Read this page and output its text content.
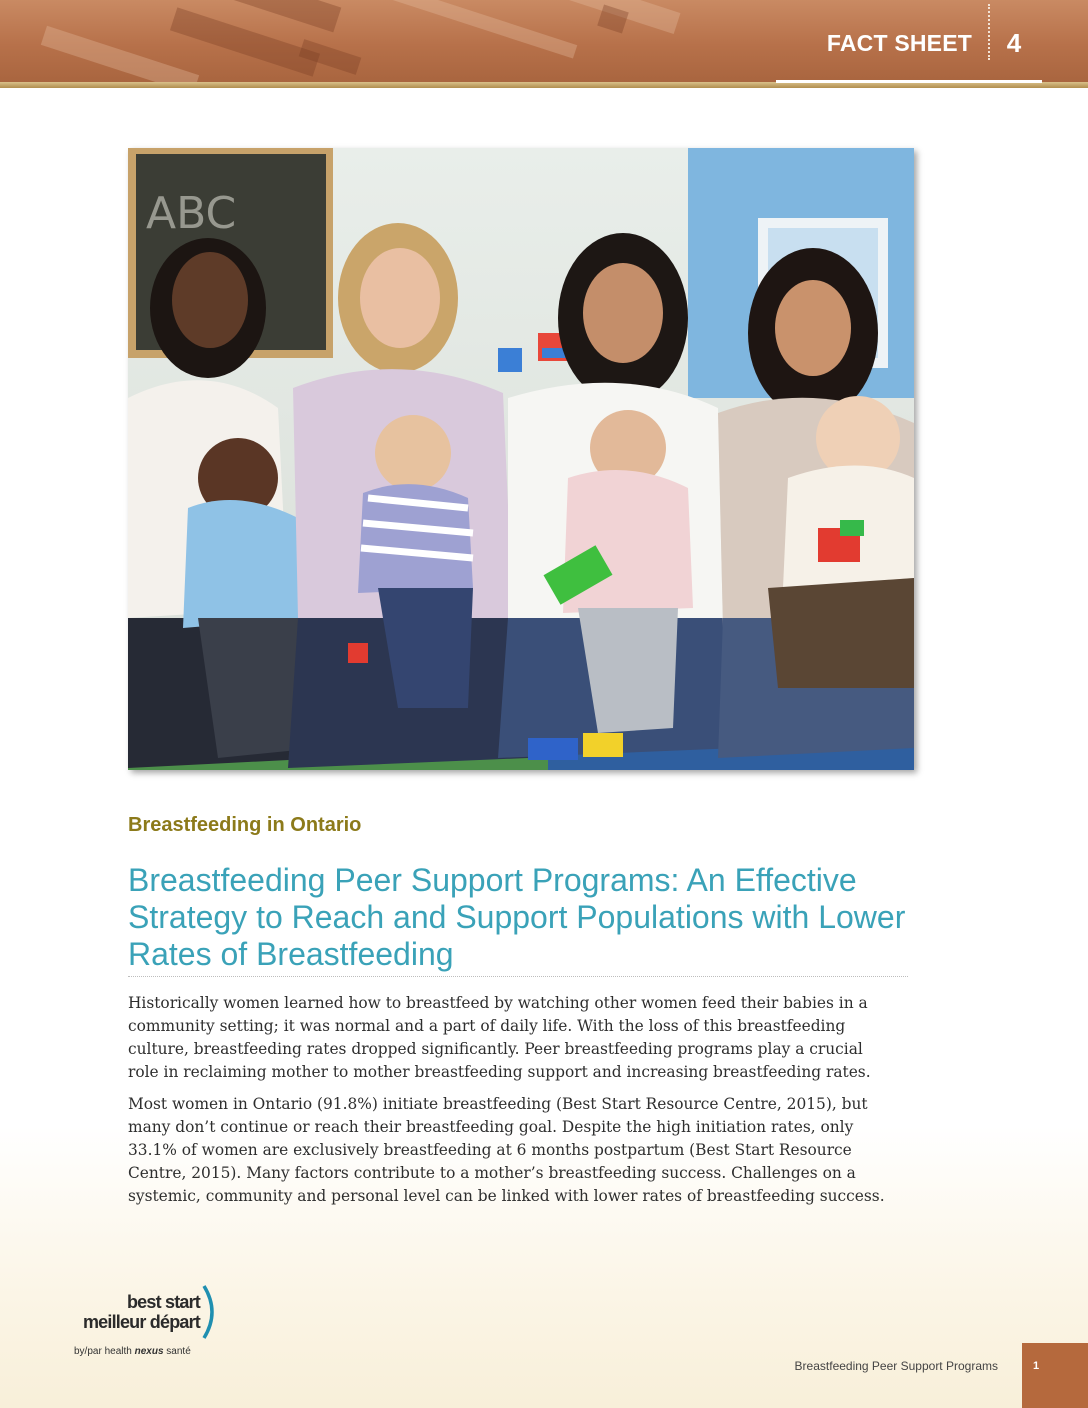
FACT SHEET 4
ABC
Breastfeeding in Ontario
Breastfeeding Peer Support Programs: An Effective Strategy to Reach and Support Populations with Lower Rates of Breastfeeding

Historically women learned how to breastfeed by watching other women feed their babies in a community setting; it was normal and a part of daily life. With the loss of this breastfeeding culture, breastfeeding rates dropped significantly. Peer breastfeeding programs play a crucial role in reclaiming mother to mother breastfeeding support and increasing breastfeeding rates.

Most women in Ontario (91.8%) initiate breastfeeding (Best Start Resource Centre, 2015), but many don’t continue or reach their breastfeeding goal. Despite the high initiation rates, only 33.1% of women are exclusively breastfeeding at 6 months postpartum (Best Start Resource Centre, 2015). Many factors contribute to a mother’s breastfeeding success. Challenges on a systemic, community and personal level can be linked with lower rates of breastfeeding success.

best start
meilleur départ
by/par health nexus santé
Breastfeeding Peer Support Programs	1
